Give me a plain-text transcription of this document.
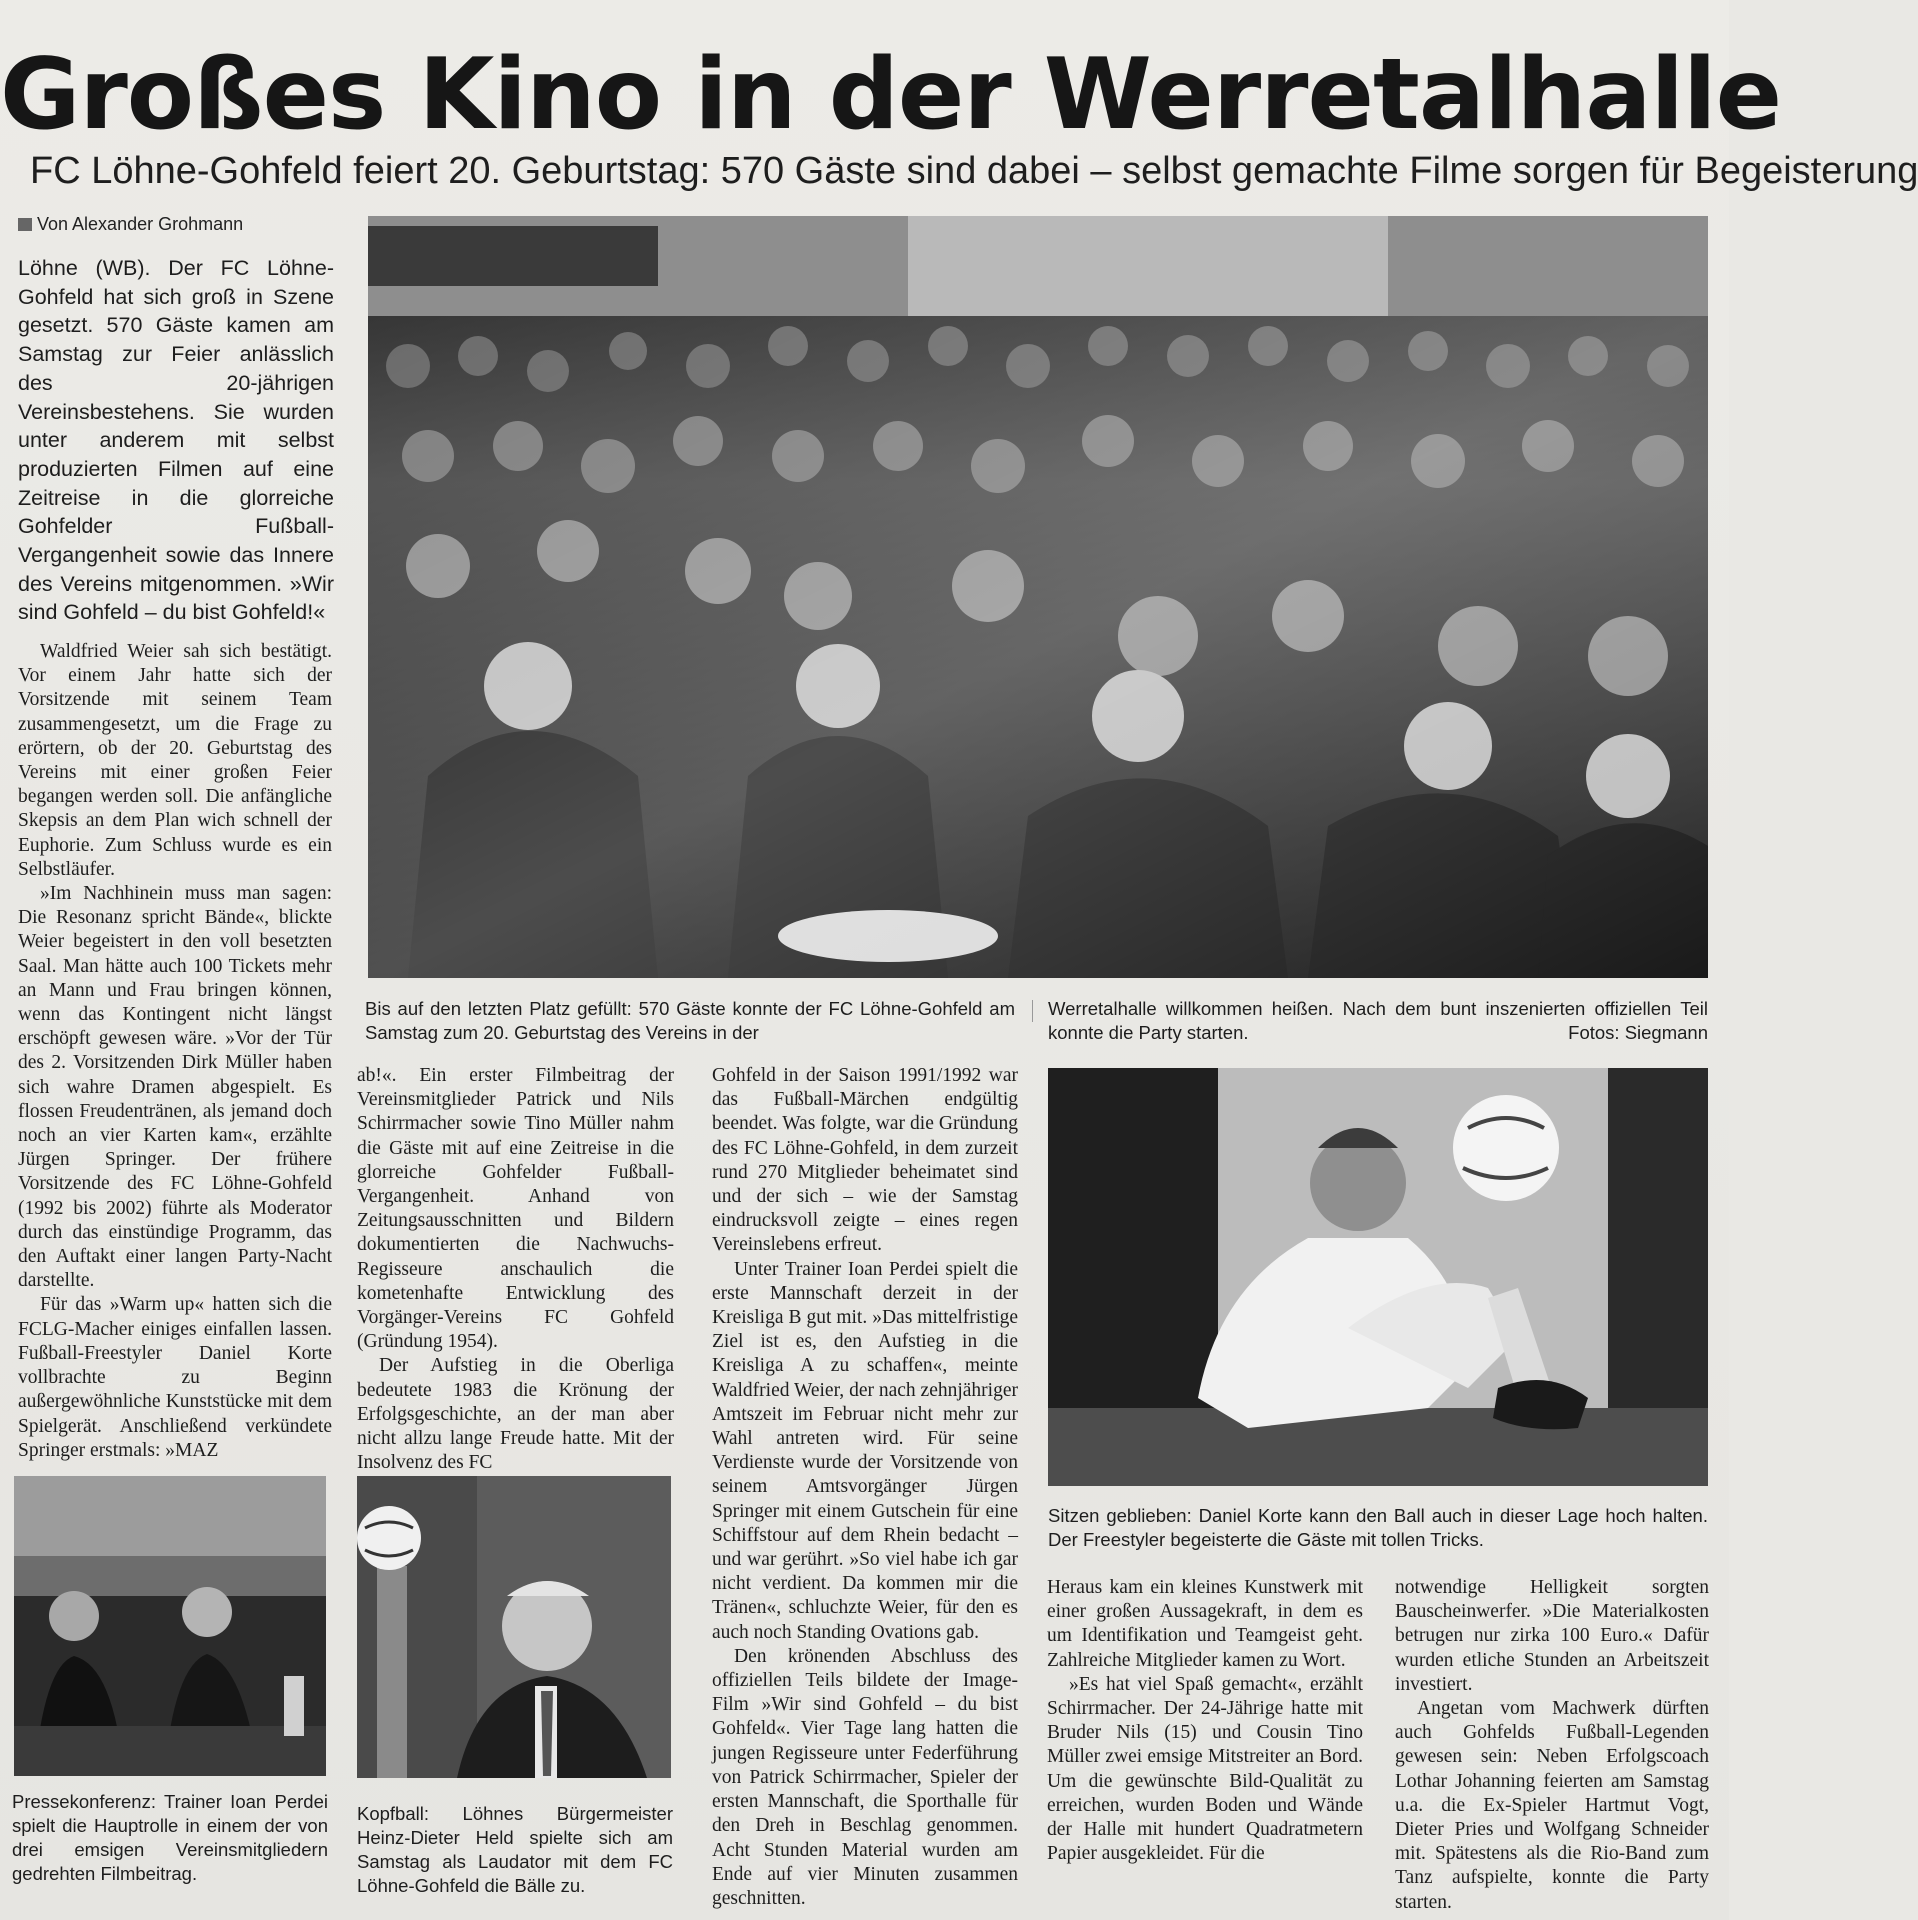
Großes Kino in der Werretalhalle
FC Löhne-Gohfeld feiert 20. Geburtstag: 570 Gäste sind dabei – selbst gemachte Filme sorgen für Begeisterung
Von Alexander Grohmann
Löhne (WB). Der FC Löhne-Gohfeld hat sich groß in Szene gesetzt. 570 Gäste kamen am Samstag zur Feier anlässlich des 20-jährigen Vereinsbestehens. Sie wurden unter anderem mit selbst produzierten Filmen auf eine Zeitreise in die glorreiche Gohfelder Fußball-Vergangenheit sowie das Innere des Vereins mitgenommen. »Wir sind Gohfeld – du bist Gohfeld!«

Waldfried Weier sah sich bestätigt. Vor einem Jahr hatte sich der Vorsitzende mit seinem Team zusammengesetzt, um die Frage zu erörtern, ob der 20. Geburtstag des Vereins mit einer großen Feier begangen werden soll. Die anfängliche Skepsis an dem Plan wich schnell der Euphorie. Zum Schluss wurde es ein Selbstläufer.

»Im Nachhinein muss man sagen: Die Resonanz spricht Bände«, blickte Weier begeistert in den voll besetzten Saal. Man hätte auch 100 Tickets mehr an Mann und Frau bringen können, wenn das Kontingent nicht längst erschöpft gewesen wäre. »Vor der Tür des 2. Vorsitzenden Dirk Müller haben sich wahre Dramen abgespielt. Es flossen Freudentränen, als jemand doch noch an vier Karten kam«, erzählte Jürgen Springer. Der frühere Vorsitzende des FC Löhne-Gohfeld (1992 bis 2002) führte als Moderator durch das einstündige Programm, das den Auftakt einer langen Party-Nacht darstellte.

Für das »Warm up« hatten sich die FCLG-Macher einiges einfallen lassen. Fußball-Freestyler Daniel Korte vollbrachte zu Beginn außergewöhnliche Kunststücke mit dem Spielgerät. Anschließend verkündete Springer erstmals: »MAZ

Bis auf den letzten Platz gefüllt: 570 Gäste konnte der FC Löhne-Gohfeld am Samstag zum 20. Geburtstag des Vereins in der
Werretalhalle willkommen heißen. Nach dem bunt inszenierten offiziellen Teil konnte die Party starten.	Fotos: Siegmann

ab!«. Ein erster Filmbeitrag der Vereinsmitglieder Patrick und Nils Schirrmacher sowie Tino Müller nahm die Gäste mit auf eine Zeitreise in die glorreiche Gohfelder Fußball-Vergangenheit. Anhand von Zeitungsausschnitten und Bildern dokumentierten die Nachwuchs-Regisseure anschaulich die kometenhafte Entwicklung des Vorgänger-Vereins FC Gohfeld (Gründung 1954).

Der Aufstieg in die Oberliga bedeutete 1983 die Krönung der Erfolgsgeschichte, an der man aber nicht allzu lange Freude hatte. Mit der Insolvenz des FC

Gohfeld in der Saison 1991/1992 war das Fußball-Märchen endgültig beendet. Was folgte, war die Gründung des FC Löhne-Gohfeld, in dem zurzeit rund 270 Mitglieder beheimatet sind und der sich – wie der Samstag eindrucksvoll zeigte – eines regen Vereinslebens erfreut.

Unter Trainer Ioan Perdei spielt die erste Mannschaft derzeit in der Kreisliga B gut mit. »Das mittelfristige Ziel ist es, den Aufstieg in die Kreisliga A zu schaffen«, meinte Waldfried Weier, der nach zehnjähriger Amtszeit im Februar nicht mehr zur Wahl antreten wird. Für seine Verdienste wurde der Vorsitzende von seinem Amtsvorgänger Jürgen Springer mit einem Gutschein für eine Schiffstour auf dem Rhein bedacht – und war gerührt. »So viel habe ich gar nicht verdient. Da kommen mir die Tränen«, schluchzte Weier, für den es auch noch Standing Ovations gab.

Den krönenden Abschluss des offiziellen Teils bildete der Image-Film »Wir sind Gohfeld – du bist Gohfeld«. Vier Tage lang hatten die jungen Regisseure unter Federführung von Patrick Schirrmacher, Spieler der ersten Mannschaft, die Sporthalle für den Dreh in Beschlag genommen. Acht Stunden Material wurden am Ende auf vier Minuten zusammen geschnitten.

Sitzen geblieben: Daniel Korte kann den Ball auch in dieser Lage hoch halten. Der Freestyler begeisterte die Gäste mit tollen Tricks.

Heraus kam ein kleines Kunstwerk mit einer großen Aussagekraft, in dem es um Identifikation und Teamgeist geht. Zahlreiche Mitglieder kamen zu Wort.

»Es hat viel Spaß gemacht«, erzählt Schirrmacher. Der 24-Jährige hatte mit Bruder Nils (15) und Cousin Tino Müller zwei emsige Mitstreiter an Bord. Um die gewünschte Bild-Qualität zu erreichen, wurden Boden und Wände der Halle mit hundert Quadratmetern Papier ausgekleidet. Für die

notwendige Helligkeit sorgten Bauscheinwerfer. »Die Materialkosten betrugen nur zirka 100 Euro.« Dafür wurden etliche Stunden an Arbeitszeit investiert.

Angetan vom Machwerk dürften auch Gohfelds Fußball-Legenden gewesen sein: Neben Erfolgscoach Lothar Johanning feierten am Samstag u.a. die Ex-Spieler Hartmut Vogt, Dieter Pries und Wolfgang Schneider mit. Spätestens als die Rio-Band zum Tanz aufspielte, konnte die Party starten.

Pressekonferenz: Trainer Ioan Perdei spielt die Hauptrolle in einem der von drei emsigen Vereinsmitgliedern gedrehten Filmbeitrag.
Kopfball: Löhnes Bürgermeister Heinz-Dieter Held spielte sich am Samstag als Laudator mit dem FC Löhne-Gohfeld die Bälle zu.
